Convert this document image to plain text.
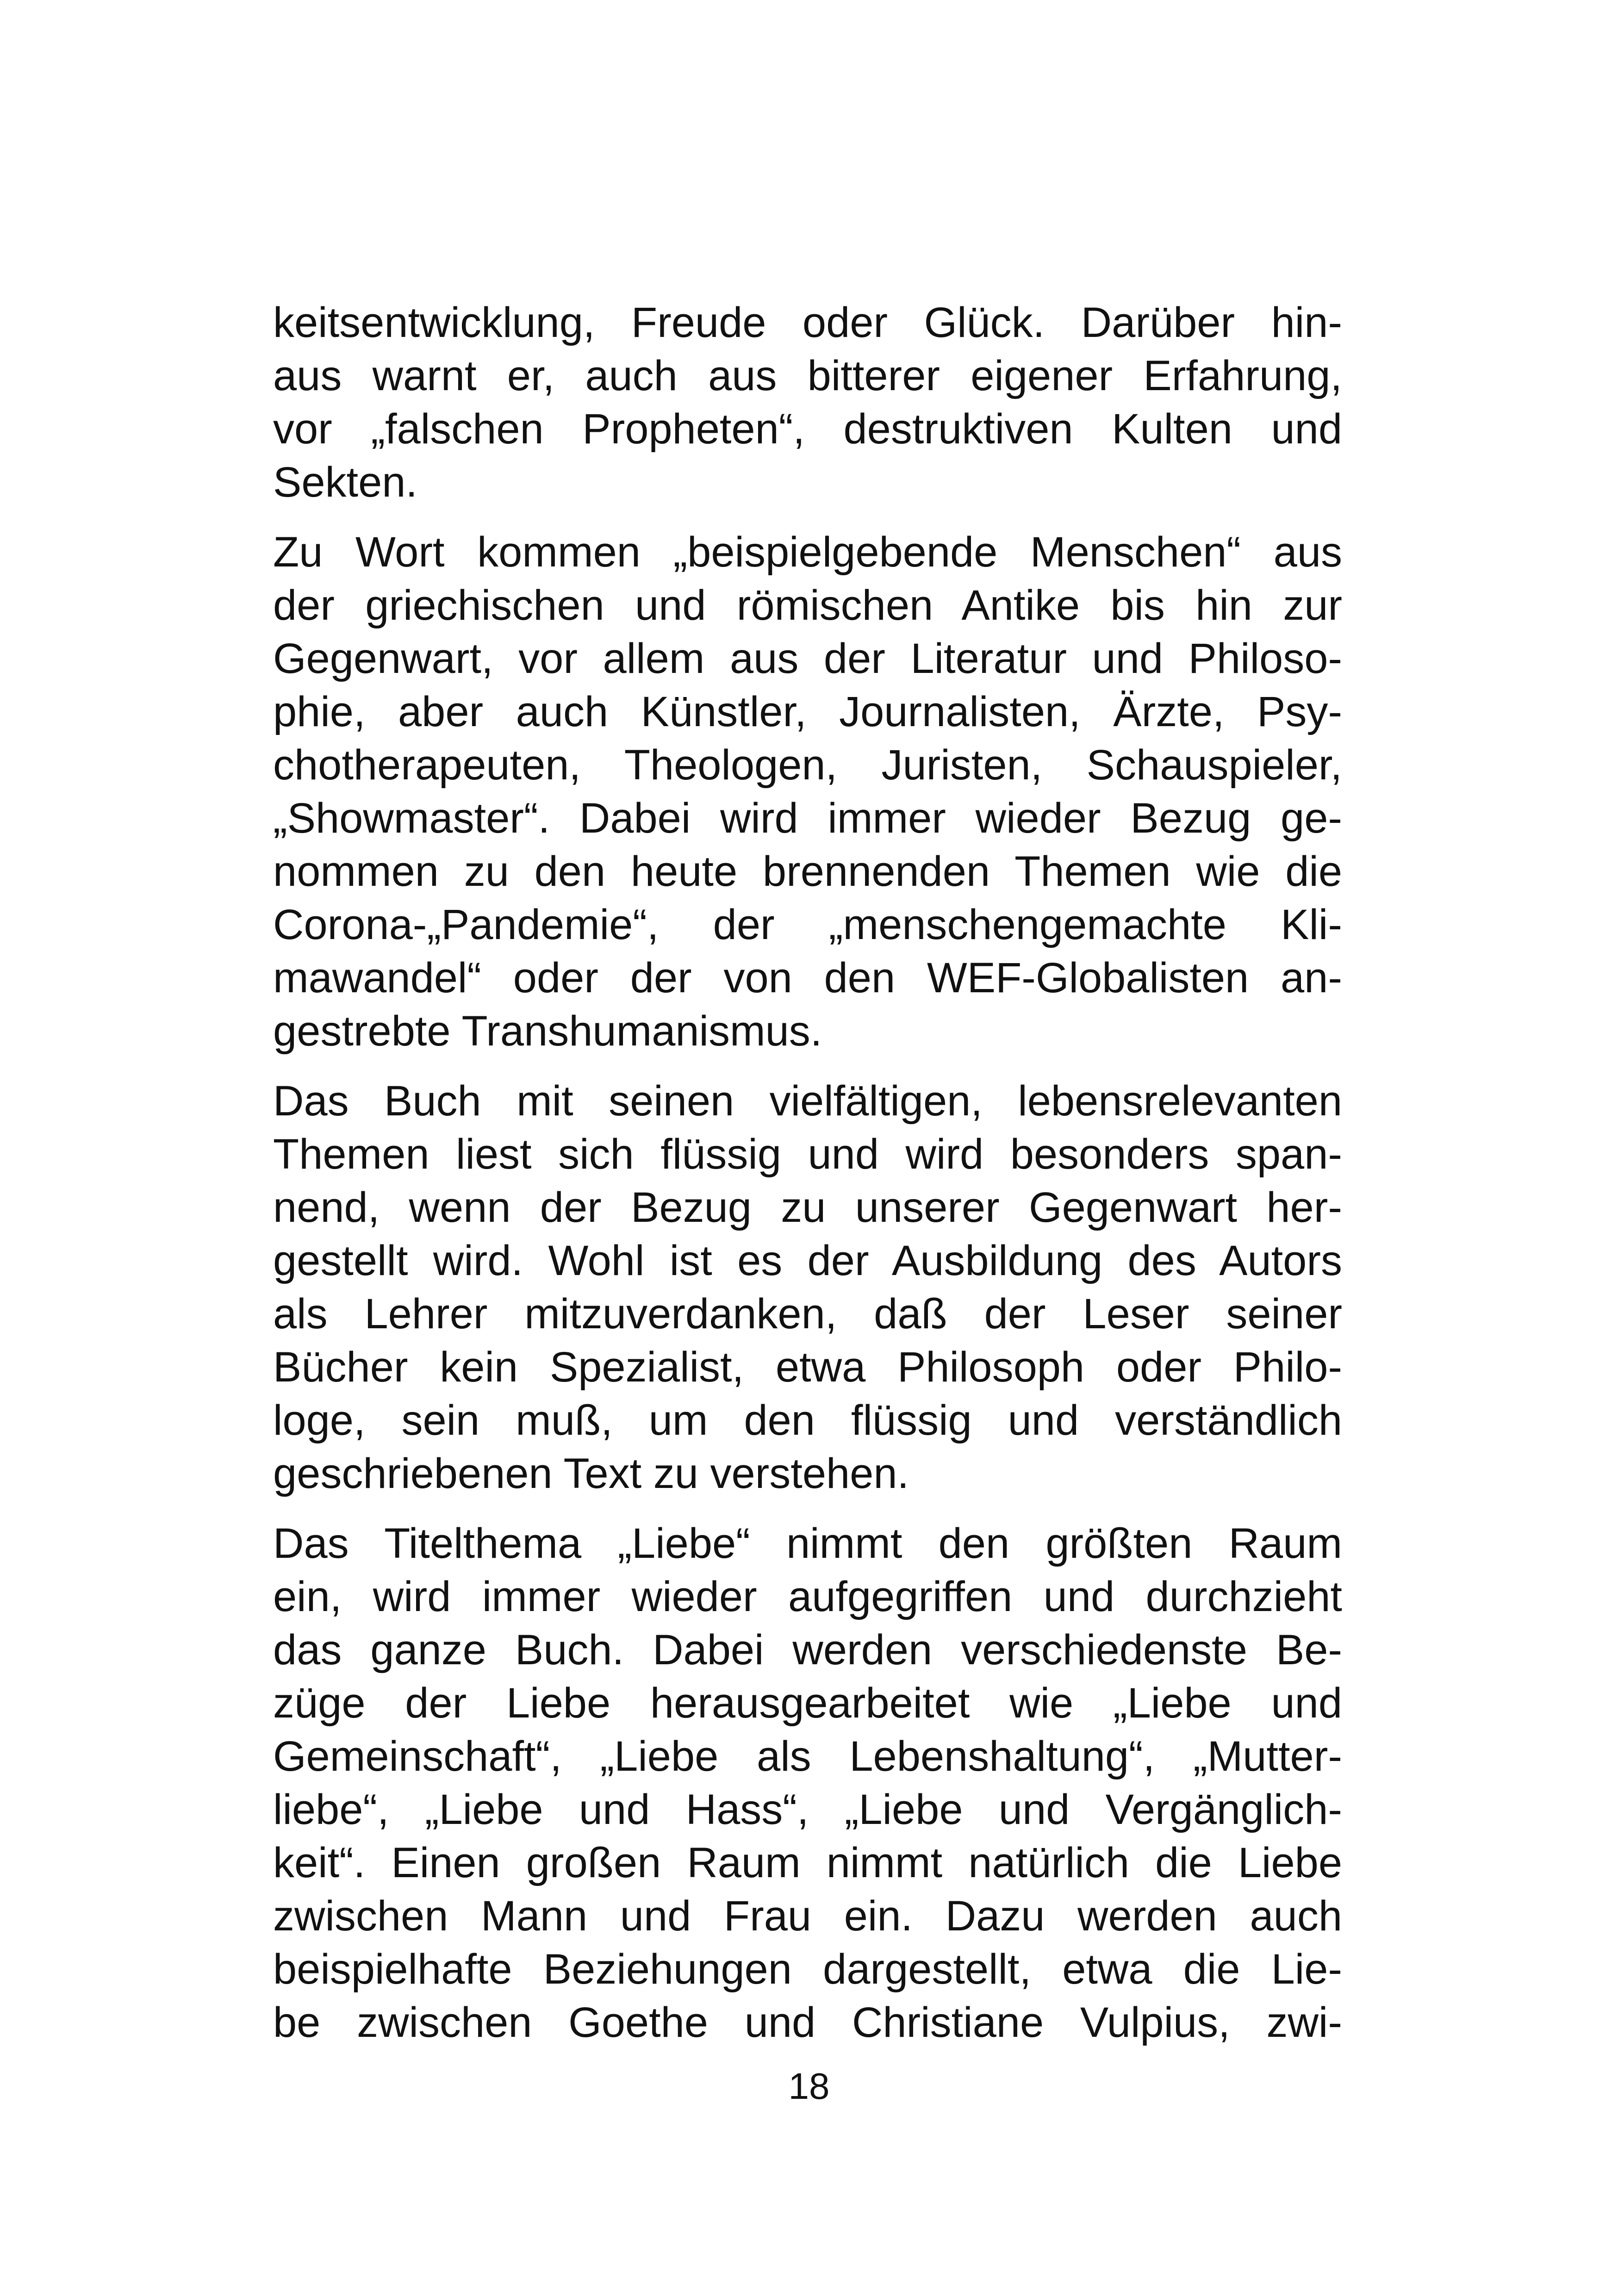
keitsentwicklung, Freude oder Glück. Darüber hin-
aus warnt er, auch aus bitterer eigener Erfahrung,
vor „falschen Propheten“, destruktiven Kulten und
Sekten.
Zu Wort kommen „beispielgebende Menschen“ aus
der griechischen und römischen Antike bis hin zur
Gegenwart, vor allem aus der Literatur und Philoso-
phie, aber auch Künstler, Journalisten, Ärzte, Psy-
chotherapeuten, Theologen, Juristen, Schauspieler,
„Showmaster“. Dabei wird immer wieder Bezug ge-
nommen zu den heute brennenden Themen wie die
Corona-„Pandemie“, der „menschengemachte Kli-
mawandel“ oder der von den WEF-Globalisten an-
gestrebte Transhumanismus.
Das Buch mit seinen vielfältigen, lebensrelevanten
Themen liest sich flüssig und wird besonders span-
nend, wenn der Bezug zu unserer Gegenwart her-
gestellt wird. Wohl ist es der Ausbildung des Autors
als Lehrer mitzuverdanken, daß der Leser seiner
Bücher kein Spezialist, etwa Philosoph oder Philo-
loge, sein muß, um den flüssig und verständlich
geschriebenen Text zu verstehen.
Das Titelthema „Liebe“ nimmt den größten Raum
ein, wird immer wieder aufgegriffen und durchzieht
das ganze Buch. Dabei werden verschiedenste Be-
züge der Liebe herausgearbeitet wie „Liebe und
Gemeinschaft“, „Liebe als Lebenshaltung“, „Mutter-
liebe“, „Liebe und Hass“, „Liebe und Vergänglich-
keit“. Einen großen Raum nimmt natürlich die Liebe
zwischen Mann und Frau ein. Dazu werden auch
beispielhafte Beziehungen dargestellt, etwa die Lie-
be zwischen Goethe und Christiane Vulpius, zwi-
18
